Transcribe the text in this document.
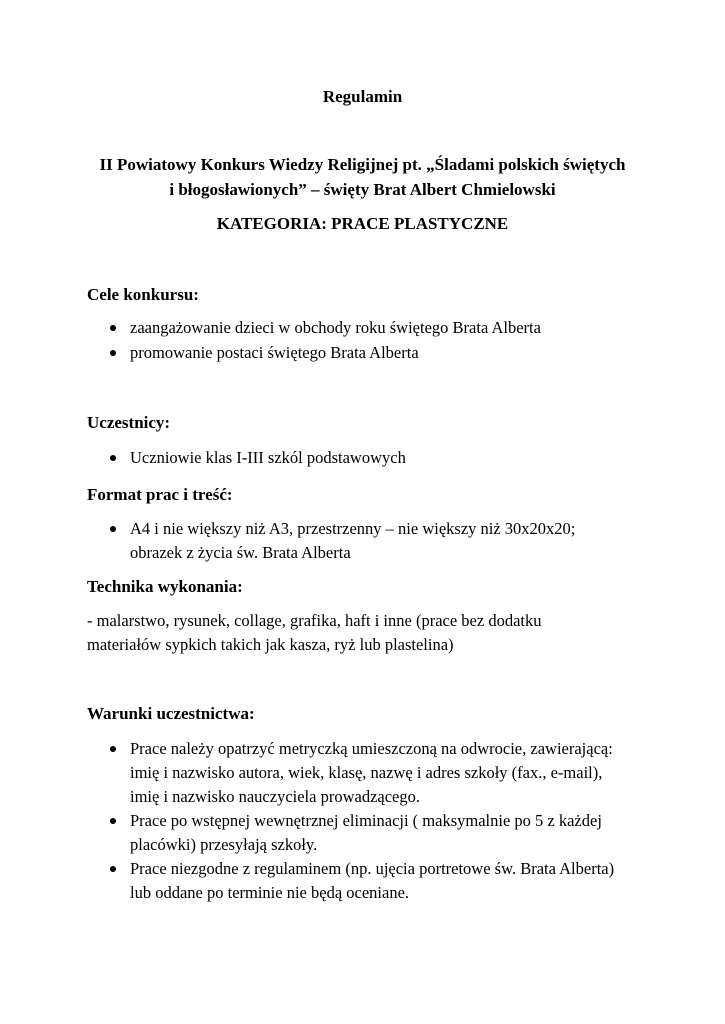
Regulamin
II Powiatowy Konkurs Wiedzy Religijnej pt. „Śladami polskich świętych
i błogosławionych” – święty Brat Albert Chmielowski
KATEGORIA: PRACE PLASTYCZNE
Cele konkursu:
zaangażowanie dzieci w obchody roku świętego Brata Alberta
promowanie postaci świętego Brata Alberta
Uczestnicy:
Uczniowie klas I-III szkól podstawowych
Format prac i treść:
A4 i nie większy niż A3, przestrzenny – nie większy niż 30x20x20;
obrazek z życia św. Brata Alberta
Technika wykonania:
- malarstwo, rysunek, collage, grafika, haft i inne (prace bez dodatku
materiałów sypkich takich jak kasza, ryż lub plastelina)
Warunki uczestnictwa:
Prace należy opatrzyć metryczką umieszczoną na odwrocie, zawierającą:
imię i nazwisko autora, wiek, klasę, nazwę i adres szkoły (fax., e-mail),
imię i nazwisko nauczyciela prowadzącego.
Prace po wstępnej wewnętrznej eliminacji ( maksymalnie po 5 z każdej
placówki) przesyłają szkoły.
Prace niezgodne z regulaminem (np. ujęcia portretowe św. Brata Alberta)
lub oddane po terminie nie będą oceniane.
